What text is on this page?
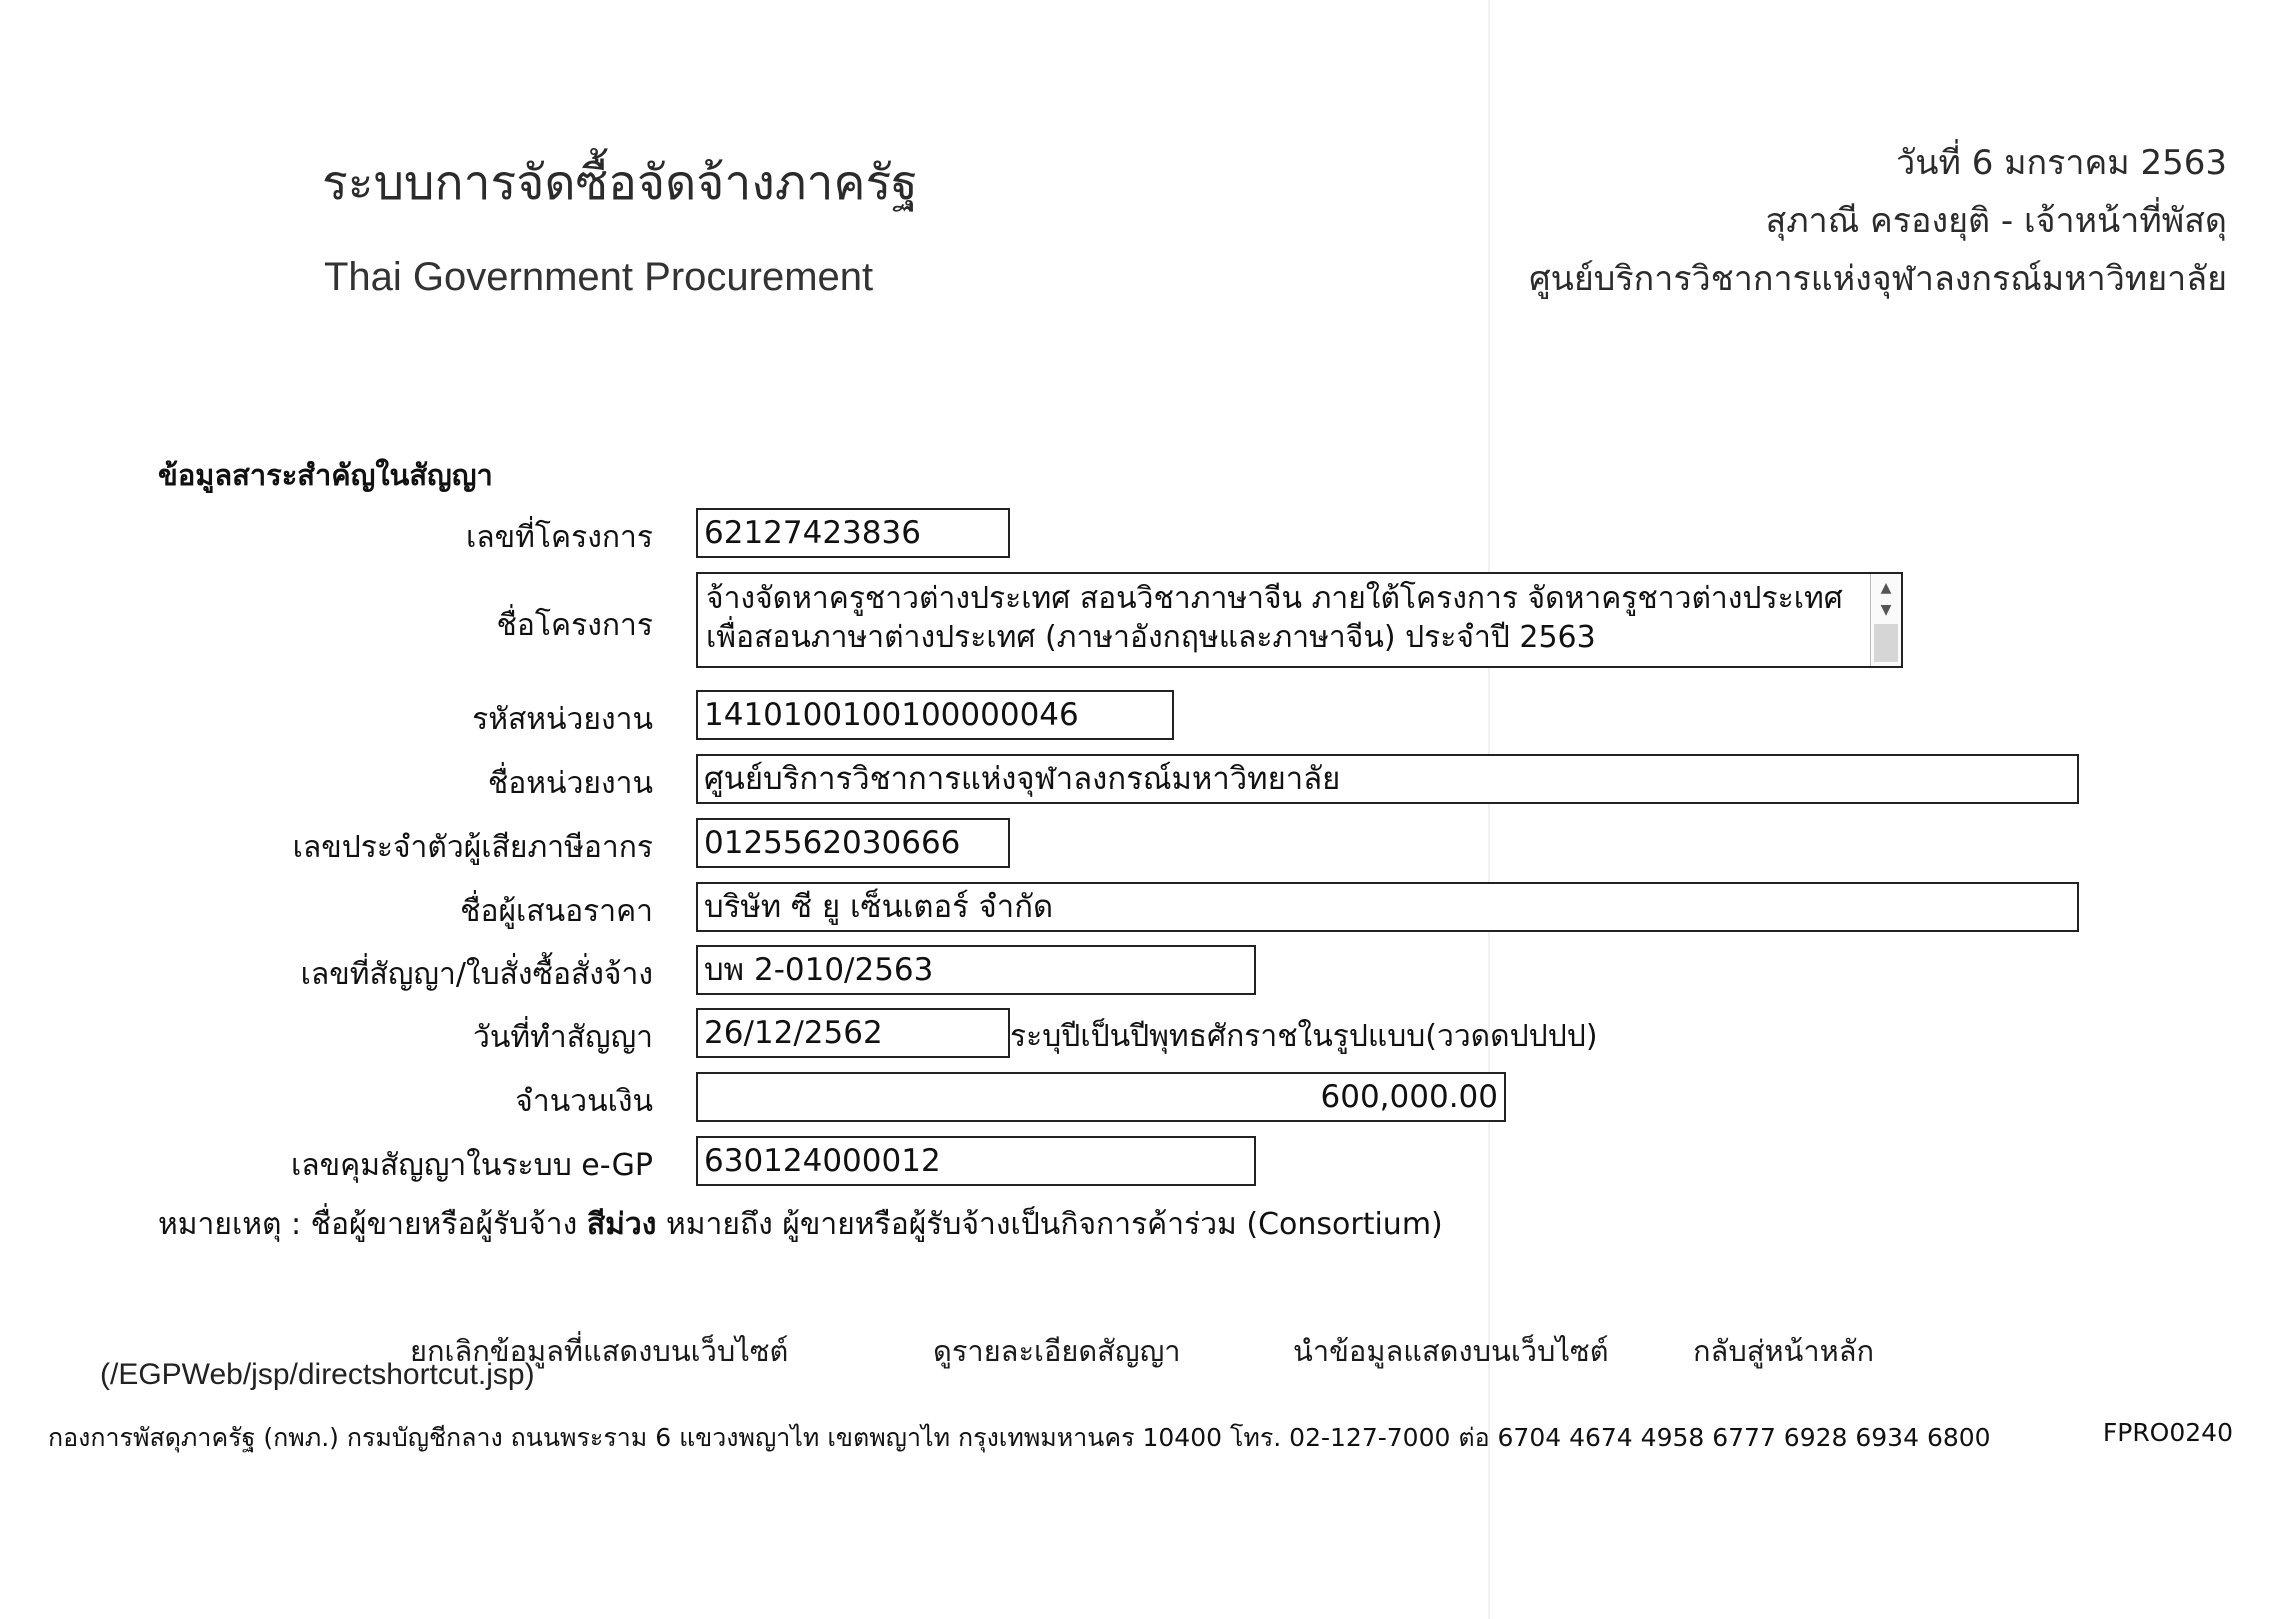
ระบบการจัดซื้อจัดจ้างภาครัฐ
Thai Government Procurement
วันที่ 6 มกราคม 2563
สุภาณี ครองยุติ - เจ้าหน้าที่พัสดุ
ศูนย์บริการวิชาการแห่งจุฬาลงกรณ์มหาวิทยาลัย
ข้อมูลสาระสำคัญในสัญญา
เลขที่โครงการ 62127423836
ชื่อโครงการ
จ้างจัดหาครูชาวต่างประเทศ สอนวิชาภาษาจีน ภายใต้โครงการ จัดหาครูชาวต่างประเทศเพื่อสอนภาษาต่างประเทศ (ภาษาอังกฤษและภาษาจีน) ประจำปี 2563
▲
▼
รหัสหน่วยงาน 1410100100100000046
ชื่อหน่วยงาน ศูนย์บริการวิชาการแห่งจุฬาลงกรณ์มหาวิทยาลัย
เลขประจำตัวผู้เสียภาษีอากร 0125562030666
ชื่อผู้เสนอราคา บริษัท ซี ยู เซ็นเตอร์ จำกัด
เลขที่สัญญา/ใบสั่งซื้อสั่งจ้าง บพ 2-010/2563
วันที่ทำสัญญา 26/12/2562	ระบุปีเป็นปีพุทธศักราชในรูปแบบ(ววดดปปปป)
จำนวนเงิน	600,000.00
เลขคุมสัญญาในระบบ e-GP 630124000012
หมายเหตุ : ชื่อผู้ขายหรือผู้รับจ้าง สีม่วง หมายถึง ผู้ขายหรือผู้รับจ้างเป็นกิจการค้าร่วม (Consortium)
ยกเลิกข้อมูลที่แสดงบนเว็บไซต์	ดูรายละเอียดสัญญา	นำข้อมูลแสดงบนเว็บไซต์	กลับสู่หน้าหลัก
(/EGPWeb/jsp/directshortcut.jsp)
กองการพัสดุภาครัฐ (กพภ.) กรมบัญชีกลาง ถนนพระราม 6 แขวงพญาไท เขตพญาไท กรุงเทพมหานคร 10400 โทร. 02-127-7000 ต่อ 6704 4674 4958 6777 6928 6934 6800	FPRO0240
